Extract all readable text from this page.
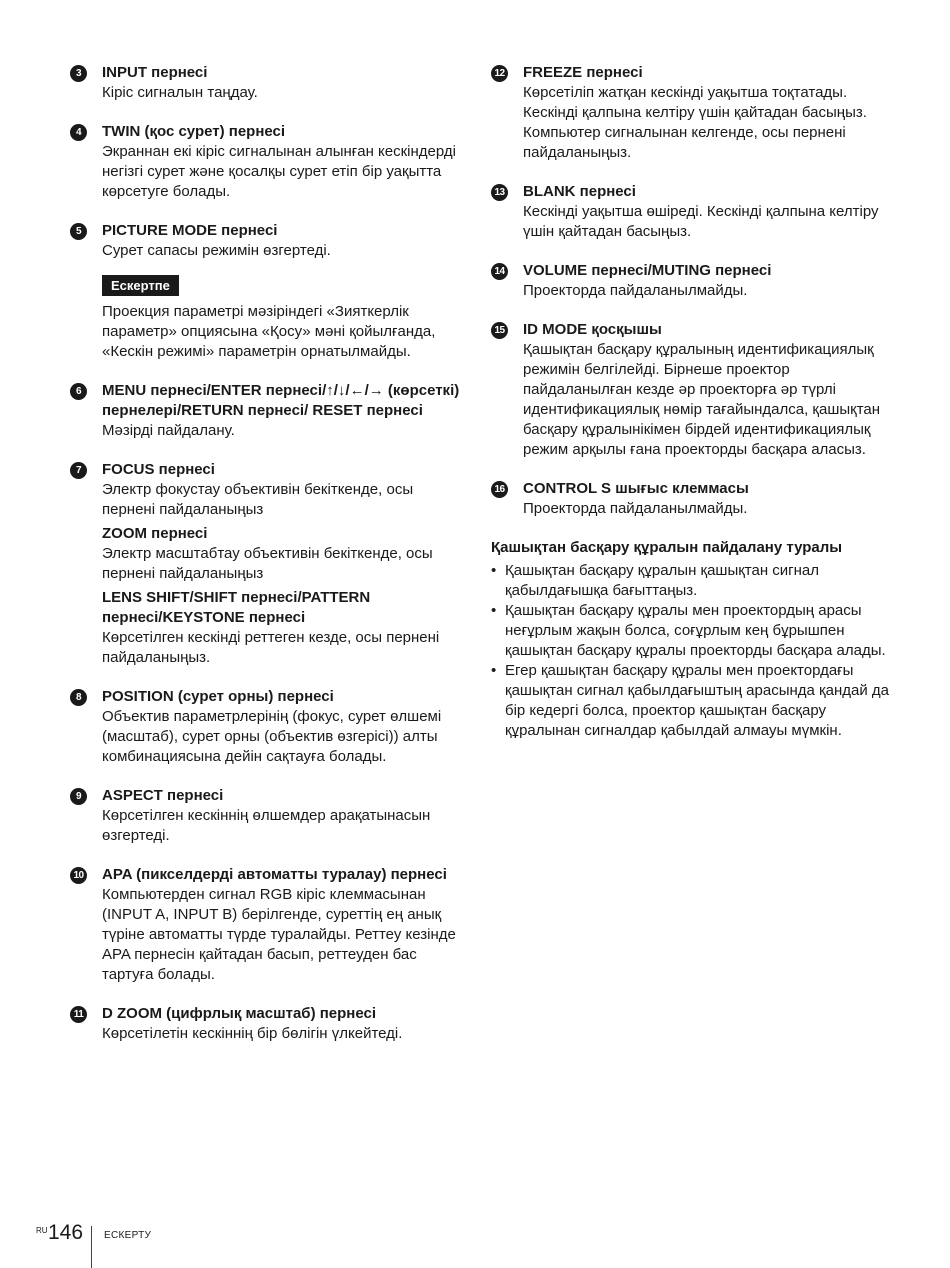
3	INPUT пернесі
Кіріс сигналын таңдау.
4	TWIN (қос сурет) пернесі
Экраннан екі кіріс сигналынан алынған кескіндерді негізгі сурет және қосалқы сурет етіп бір уақытта көрсетуге болады.
5	PICTURE MODE пернесі
Сурет сапасы режимін өзгертеді.
Ескертпе
Проекция параметрі мәзіріндегі «Зияткерлік параметр» опциясына «Қосу» мәні қойылғанда, «Кескін режимі» параметрін орнатылмайды.
6	MENU пернесі/ENTER пернесі/↑/↓/←/→ (көрсеткі) пернелері/RETURN пернесі/ RESET пернесі
Мәзірді пайдалану.
7	FOCUS пернесі
Электр фокустау объективін бекіткенде, осы пернені пайдаланыңыз
ZOOM пернесі
Электр масштабтау объективін бекіткенде, осы пернені пайдаланыңыз
LENS SHIFT/SHIFT пернесі/PATTERN пернесі/KEYSTONE пернесі
Көрсетілген кескінді реттеген кезде, осы пернені пайдаланыңыз.
8	POSITION (сурет орны) пернесі
Объектив параметрлерінің (фокус, сурет өлшемі (масштаб), сурет орны (объектив өзгерісі)) алты комбинациясына дейін сақтауға болады.
9	ASPECT пернесі
Көрсетілген кескіннің өлшемдер арақатынасын өзгертеді.
10 APA (пикселдерді автоматты туралау) пернесі
Компьютерден сигнал RGB кіріс клеммасынан (INPUT A, INPUT B) берілгенде, суреттің ең анық түріне автоматты түрде туралайды. Реттеу кезінде APA пернесін қайтадан басып, реттеуден бас тартуға болады.
11 D ZOOM (цифрлық масштаб) пернесі
Көрсетілетін кескіннің бір бөлігін үлкейтеді.
12 FREEZE пернесі
Көрсетіліп жатқан кескінді уақытша тоқтатады. Кескінді қалпына келтіру үшін қайтадан басыңыз. Компьютер сигналынан келгенде, осы пернені пайдаланыңыз.
13 BLANK пернесі
Кескінді уақытша өшіреді. Кескінді қалпына келтіру үшін қайтадан басыңыз.
14 VOLUME пернесі/MUTING пернесі
Проекторда пайдаланылмайды.
15 ID MODE қосқышы
Қашықтан басқару құралының идентификациялық режимін белгілейді. Бірнеше проектор пайдаланылған кезде әр проекторға әр түрлі идентификациялық нөмір тағайындалса, қашықтан басқару құралынікімен бірдей идентификациялық режим арқылы ғана проекторды басқара аласыз.
16 CONTROL S шығыс клеммасы
Проекторда пайдаланылмайды.
Қашықтан басқару құралын пайдалану туралы
• Қашықтан басқару құралын қашықтан сигнал қабылдағышқа бағыттаңыз.
• Қашықтан басқару құралы мен проектордың арасы неғұрлым жақын болса, соғұрлым кең бұрышпен қашықтан басқару құралы проекторды басқара алады.
• Егер қашықтан басқару құралы мен проектордағы қашықтан сигнал қабылдағыштың арасында қандай да бір кедергі болса, проектор қашықтан басқару құралынан сигналдар қабылдай алмауы мүмкін.
RU 146 ЕСКЕРТУ
